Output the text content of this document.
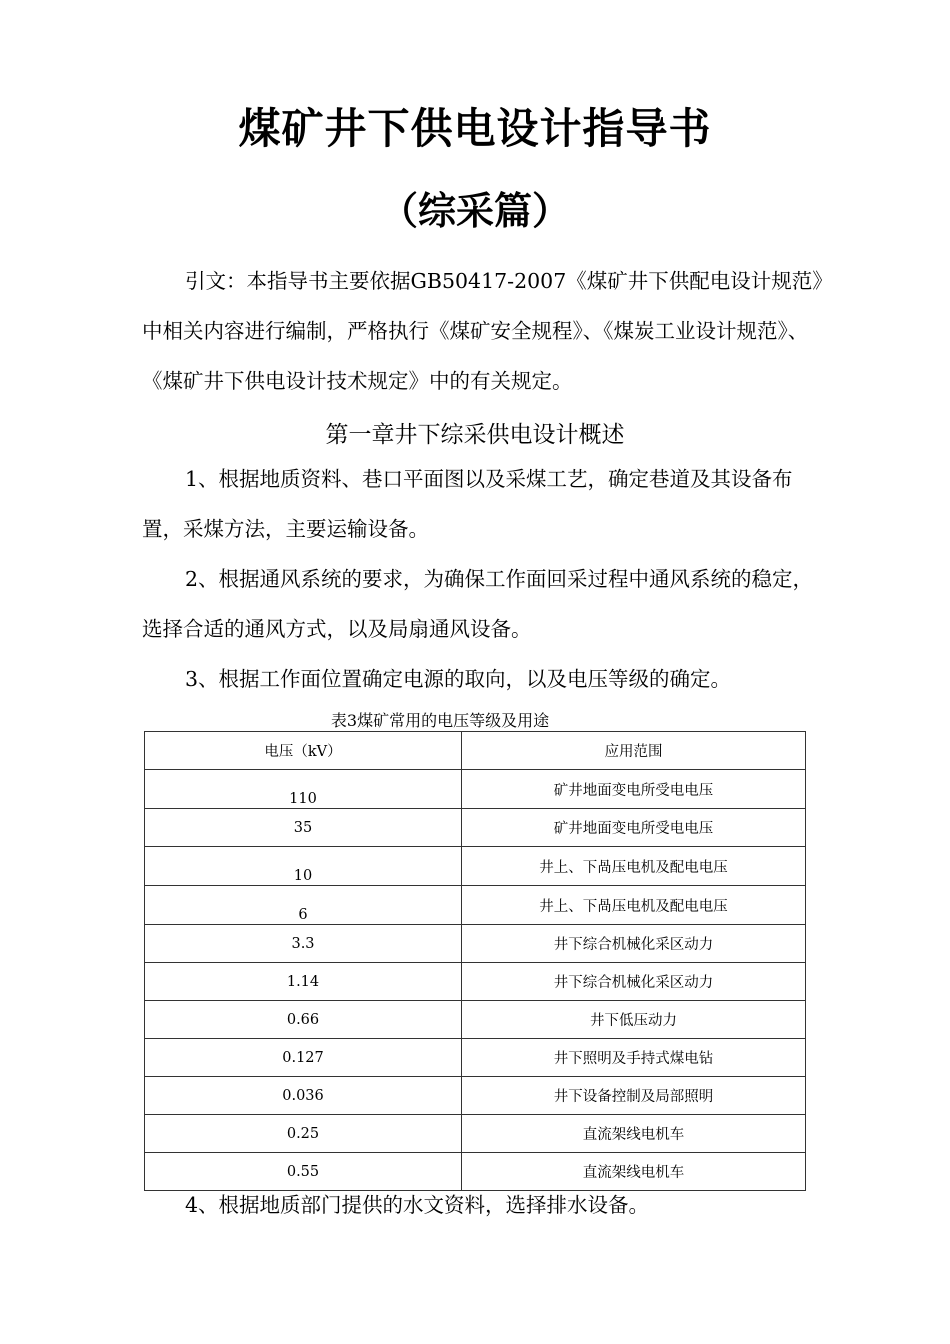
煤矿井下供电设计指导书
（综采篇）

引文：本指导书主要依据GB50417-2007《煤矿井下供配电设计规范》中相关内容进行编制，严格执行《煤矿安全规程》、《煤炭工业设计规范》、《煤矿井下供电设计技术规定》中的有关规定。

第一章井下综采供电设计概述

1、根据地质资料、巷口平面图以及采煤工艺，确定巷道及其设备布置，采煤方法，主要运输设备。

2、根据通风系统的要求，为确保工作面回采过程中通风系统的稳定，选择合适的通风方式，以及局扇通风设备。

3、根据工作面位置确定电源的取向，以及电压等级的确定。

表3煤矿常用的电压等级及用途
电压（kV）	应用范围
110	矿井地面变电所受电电压
35	矿井地面变电所受电电压
10	井上、下咼压电机及配电电压
6	井上、下咼压电机及配电电压
3.3	井下综合机械化采区动力
1.14	井下综合机械化采区动力
0.66	井下低压动力
0.127	井下照明及手持式煤电钻
0.036	井下设备控制及局部照明
0.25	直流架线电机车
0.55	直流架线电机车

4、根据地质部门提供的水文资料，选择排水设备。
